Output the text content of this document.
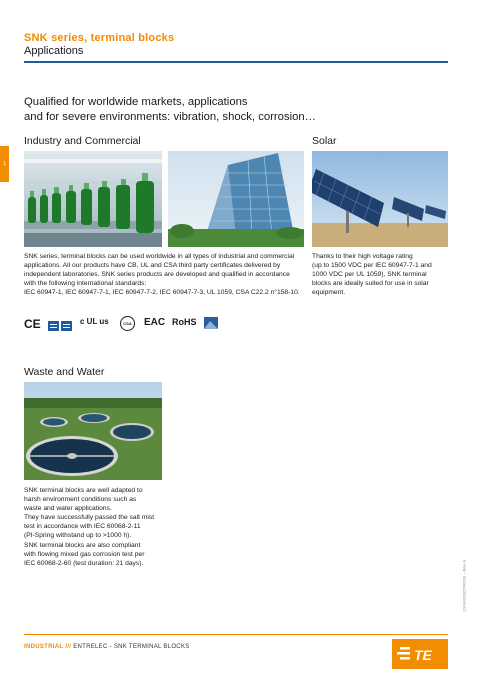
SNK series, terminal blocks
Applications
1
Qualified for worldwide markets, applications
and for severe environments: vibration, shock, corrosion…
Industry and Commercial
SNK series, terminal blocks can be used worldwide in all types of industrial and commercial
applications. All our products have CB, UL and CSA third party certificates delivered by
independent laboratories. SNK series products are developed and qualified in accordance
with the following international standards:
IEC 60947-1, IEC 60947-7-1, IEC 60947-7-2, IEC 60947-7-3, UL 1059, CSA C22.2 n°158-10.
CE	c UL us	CSA	EAC RoHS
Solar
Thanks to their high voltage rating
(up to 1500 VDC per IEC 60947-7-1 and
1000 VDC per UL 1059), SNK terminal
blocks are ideally suited for use in solar
equipment.
Waste and Water
SNK terminal blocks are well adapted to
harsh environment conditions such as
waste and water applications.
They have successfully passed the salt mist
test in accordance with IEC 60068-2-11
(PI-Spring withstand up to >1000 h).
SNK terminal blocks are also compliant
with flowing mixed gas corrosion test per
IEC 60068-2-60 (test duration: 21 days).	1SNA163827R0200 – Rev. A
INDUSTRIAL /// ENTRELEC - SNK TERMINAL BLOCKS	TE
